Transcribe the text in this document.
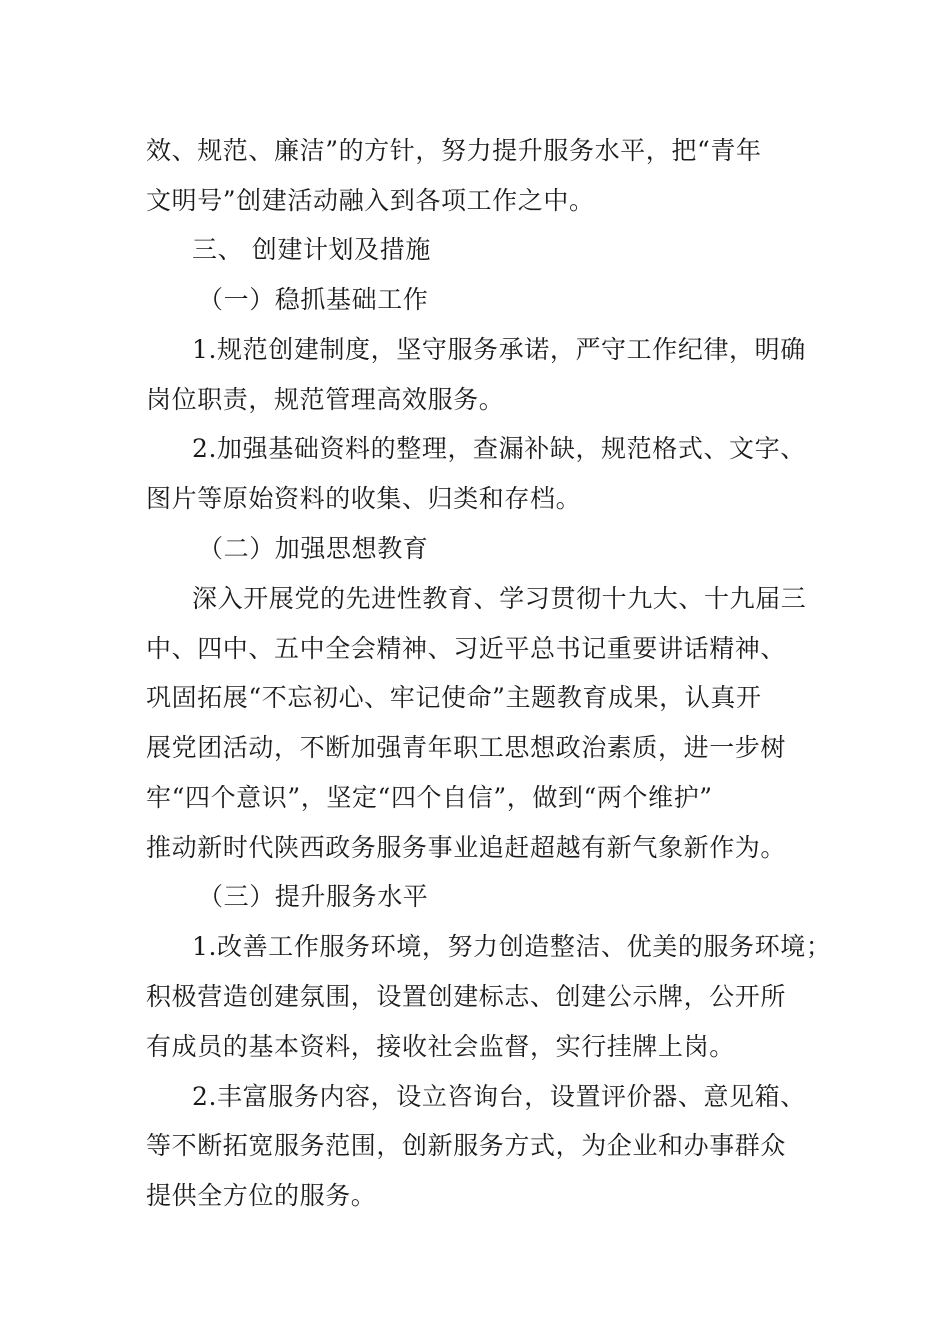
效、规范、廉洁”的方针，努力提升服务水平，把“青年
文明号”创建活动融入到各项工作之中。
三、 创建计划及措施
（一）稳抓基础工作
1.规范创建制度，坚守服务承诺，严守工作纪律，明确
岗位职责，规范管理高效服务。
2.加强基础资料的整理，查漏补缺，规范格式、文字、
图片等原始资料的收集、归类和存档。
（二）加强思想教育
深入开展党的先进性教育、学习贯彻十九大、十九届三
中、四中、五中全会精神、习近平总书记重要讲话精神、
巩固拓展“不忘初心、牢记使命”主题教育成果，认真开
展党团活动，不断加强青年职工思想政治素质，进一步树
牢“四个意识”，坚定“四个自信”，做到“两个维护”
推动新时代陕西政务服务事业追赶超越有新气象新作为。
（三）提升服务水平
1.改善工作服务环境，努力创造整洁、优美的服务环境；
积极营造创建氛围，设置创建标志、创建公示牌，公开所
有成员的基本资料，接收社会监督，实行挂牌上岗。
2.丰富服务内容，设立咨询台，设置评价器、意见箱、
等不断拓宽服务范围，创新服务方式，为企业和办事群众
提供全方位的服务。
